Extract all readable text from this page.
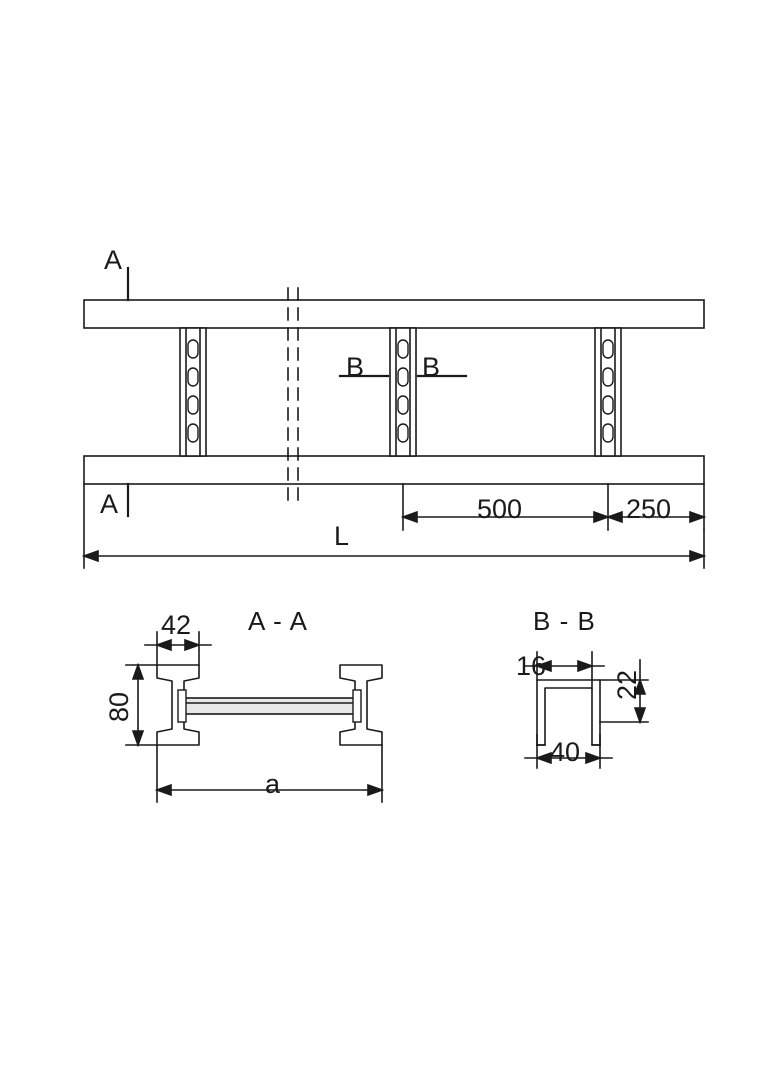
A
A
B B
500	250
L
A - A
42
80
a
B - B
16
22
40
